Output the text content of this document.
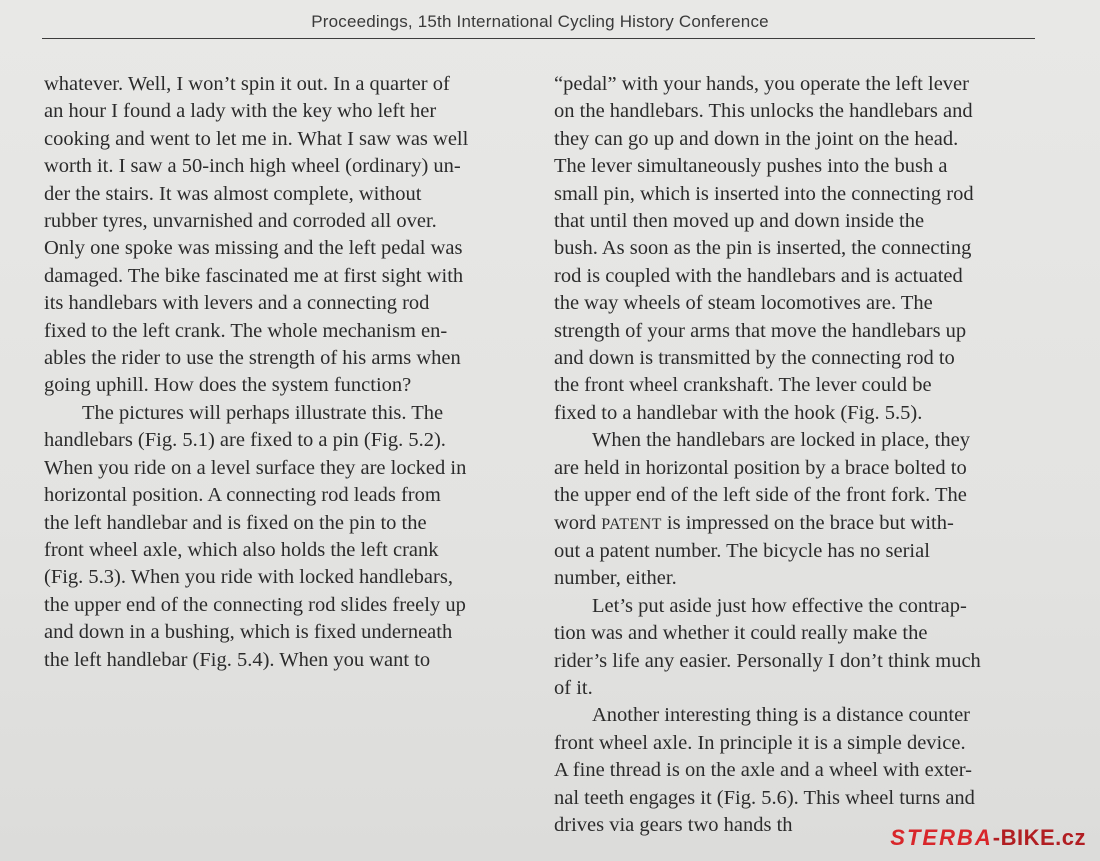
Proceedings, 15th International Cycling History Conference
whatever. Well, I won’t spin it out. In a quarter of
an hour I found a lady with the key who left her
cooking and went to let me in. What I saw was well
worth it. I saw a 50-inch high wheel (ordinary) un-
der the stairs. It was almost complete, without
rubber tyres, unvarnished and corroded all over.
Only one spoke was missing and the left pedal was
damaged. The bike fascinated me at first sight with
its handlebars with levers and a connecting rod
fixed to the left crank. The whole mechanism en-
ables the rider to use the strength of his arms when
going uphill. How does the system function?
The pictures will perhaps illustrate this. The
handlebars (Fig. 5.1) are fixed to a pin (Fig. 5.2).
When you ride on a level surface they are locked in
horizontal position. A connecting rod leads from
the left handlebar and is fixed on the pin to the
front wheel axle, which also holds the left crank
(Fig. 5.3). When you ride with locked handlebars,
the upper end of the connecting rod slides freely up
and down in a bushing, which is fixed underneath
the left handlebar (Fig. 5.4). When you want to
“pedal” with your hands, you operate the left lever
on the handlebars. This unlocks the handlebars and
they can go up and down in the joint on the head.
The lever simultaneously pushes into the bush a
small pin, which is inserted into the connecting rod
that until then moved up and down inside the
bush. As soon as the pin is inserted, the connecting
rod is coupled with the handlebars and is actuated
the way wheels of steam locomotives are. The
strength of your arms that move the handlebars up
and down is transmitted by the connecting rod to
the front wheel crankshaft. The lever could be
fixed to a handlebar with the hook (Fig. 5.5).
When the handlebars are locked in place, they
are held in horizontal position by a brace bolted to
the upper end of the left side of the front fork. The
word PATENT is impressed on the brace but with-
out a patent number. The bicycle has no serial
number, either.
Let’s put aside just how effective the contrap-
tion was and whether it could really make the
rider’s life any easier. Personally I don’t think much
of it.
Another interesting thing is a distance counter
front wheel axle. In principle it is a simple device.
A fine thread is on the axle and a wheel with exter-
nal teeth engages it (Fig. 5.6). This wheel turns and
drives via gears two hands th
STERBA-BIKE.cz
